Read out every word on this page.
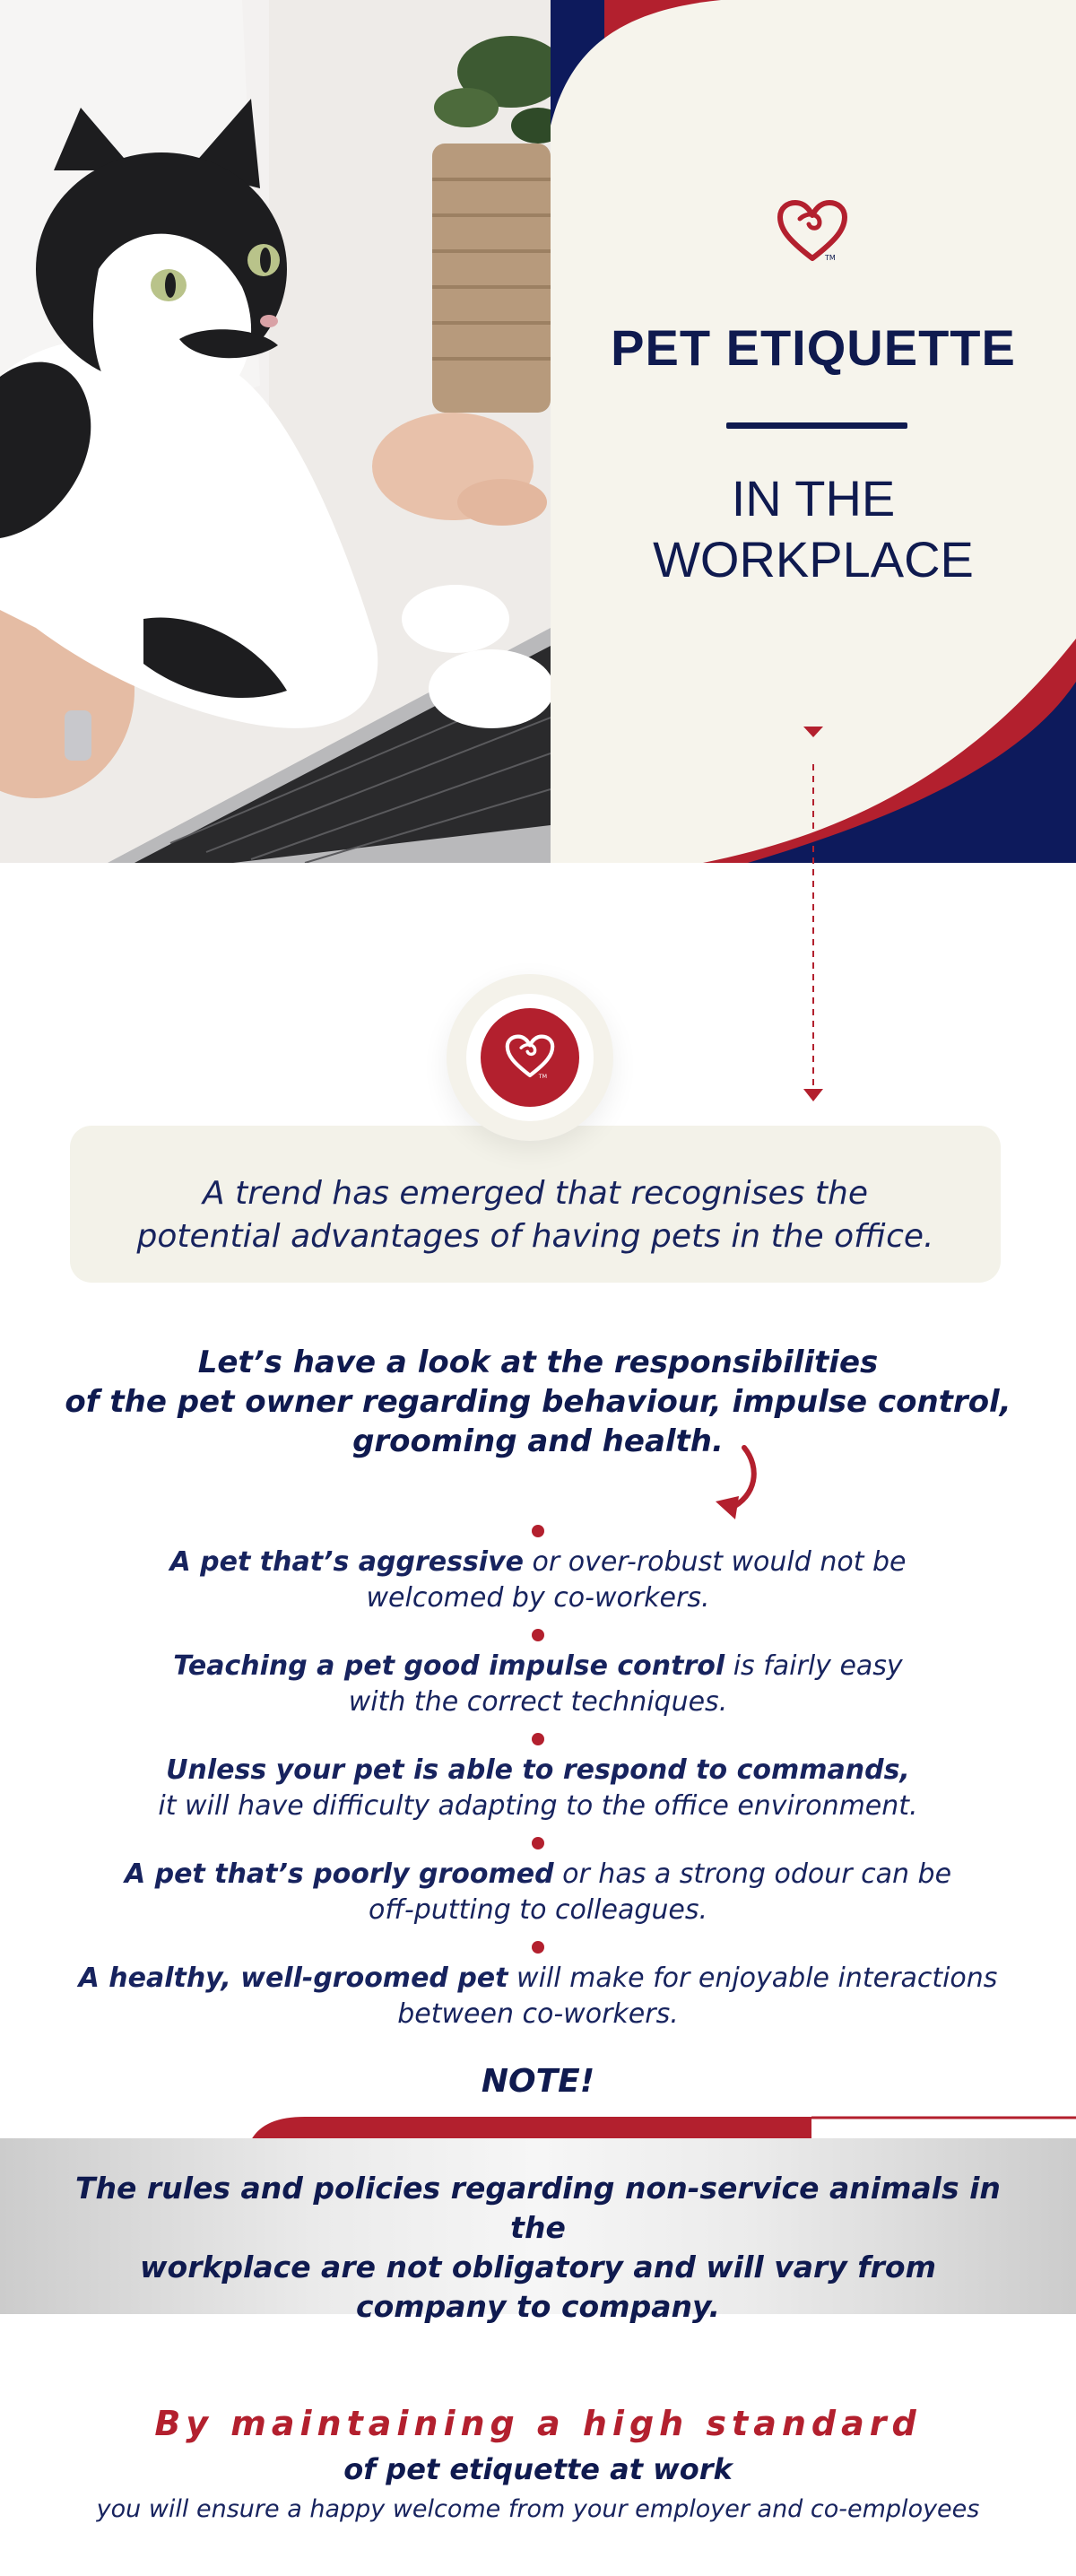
TM
PET ETIQUETTE
IN THE
WORKPLACE
A trend has emerged that recognises the
potential advantages of having pets in the office.
TM
Let’s have a look at the responsibilities
of the pet owner regarding behaviour, impulse control,
grooming and health.
A pet that’s aggressive or over-robust would not be
welcomed by co-workers.
Teaching a pet good impulse control is fairly easy
with the correct techniques.
Unless your pet is able to respond to commands,
it will have difficulty adapting to the office environment.
A pet that’s poorly groomed or has a strong odour can be
off-putting to colleagues.
A healthy, well-groomed pet will make for enjoyable interactions
between co-workers.
NOTE!
The rules and policies regarding non-service animals in the
workplace are not obligatory and will vary from
company to company.
By maintaining a high standard
of pet etiquette at work
you will ensure a happy welcome from your employer and co-employees
